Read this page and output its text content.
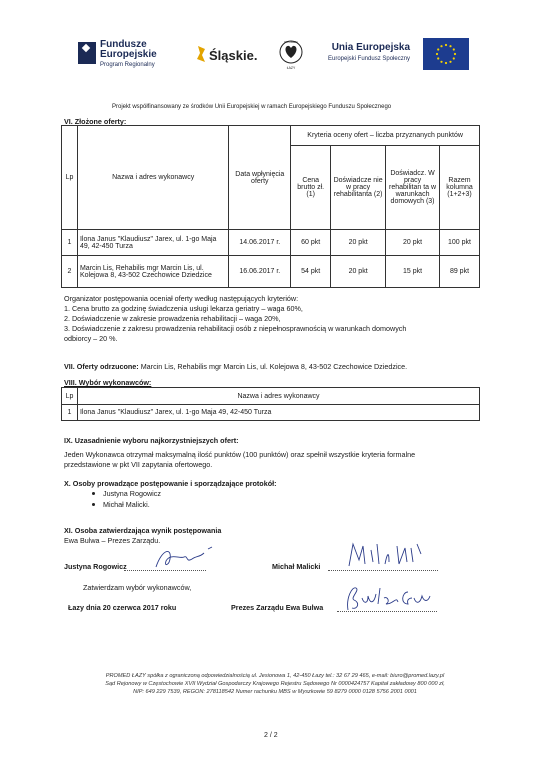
Fundusze
Europejskie
Program Regionalny
Śląskie.
PROMED
ŁAZY
Unia Europejska
Europejski Fundusz Społeczny
Projekt współfinansowany ze środków Unii Europejskiej w ramach Europejskiego Funduszu Społecznego
VI. Złożone oferty:
Lp	Nazwa i adres wykonawcy	Data wpłynięcia oferty	Kryteria oceny ofert – liczba przyznanych punktów			
			Cena brutto zł. (1)	Doświadcze nie w pracy rehabilitanta (2)	Doświadcz. W pracy rehabilitan ta w warunkach domowych (3)	Razem kolumna (1+2+3)
1	Ilona Janus "Klaudiusz" Jarex, ul. 1-go Maja 49, 42-450 Turza	14.06.2017 r.	60 pkt	20 pkt	20 pkt	100 pkt
2	Marcin Lis, Rehabilis mgr Marcin Lis, ul. Kolejowa 8, 43-502 Czechowice Dziedzice	16.06.2017 r.	54 pkt	20 pkt	15 pkt	89 pkt
Organizator postępowania oceniał oferty według następujących kryteriów:
1. Cena brutto za godzinę świadczenia usługi lekarza geriatry – waga 60%,
2. Doświadczenie w zakresie prowadzenia rehabilitacji – waga 20%,
3. Doświadczenie z zakresu prowadzenia rehabilitacji osób z niepełnosprawnością w warunkach domowych
odbiorcy – 20 %.
VII. Oferty odrzucone: Marcin Lis, Rehabilis mgr Marcin Lis, ul. Kolejowa 8, 43-502 Czechowice Dziedzice.
VIII. Wybór wykonawców:
Lp	Nazwa i adres wykonawcy
1	Ilona Janus "Klaudiusz" Jarex, ul. 1-go Maja 49, 42-450 Turza
IX. Uzasadnienie wyboru najkorzystniejszych ofert:
Jeden Wykonawca otrzymał maksymalną ilość punktów (100 punktów) oraz spełnił wszystkie kryteria formalne
przedstawione w pkt VII zapytania ofertowego.
X. Osoby prowadzące postępowanie i sporządzające protokół:
Justyna Rogowicz
Michał Malicki.
XI. Osoba zatwierdzająca wynik postępowania
Ewa Bulwa – Prezes Zarządu.
Justyna Rogowicz	Michał Malicki
Zatwierdzam wybór wykonawców,
Łazy dnia 20 czerwca 2017 roku	Prezes Zarządu Ewa Bulwa
PROMED ŁAZY spółka z ograniczoną odpowiedzialnością ul. Jesionowa 1, 42-450 Łazy tel.: 32 67 29 465, e-mail: biuro@promed.lazy.pl
Sąd Rejonowy w Częstochowie XVII Wydział Gospodarczy Krajowego Rejestru Sądowego Nr 0000424757 Kapitał zakładowy 800 000 zł,
NIP: 649 229 7539, REGON: 278118542 Numer rachunku MBS w Myszkowie 59 8279 0000 0128 5756 2001 0001
2 / 2
